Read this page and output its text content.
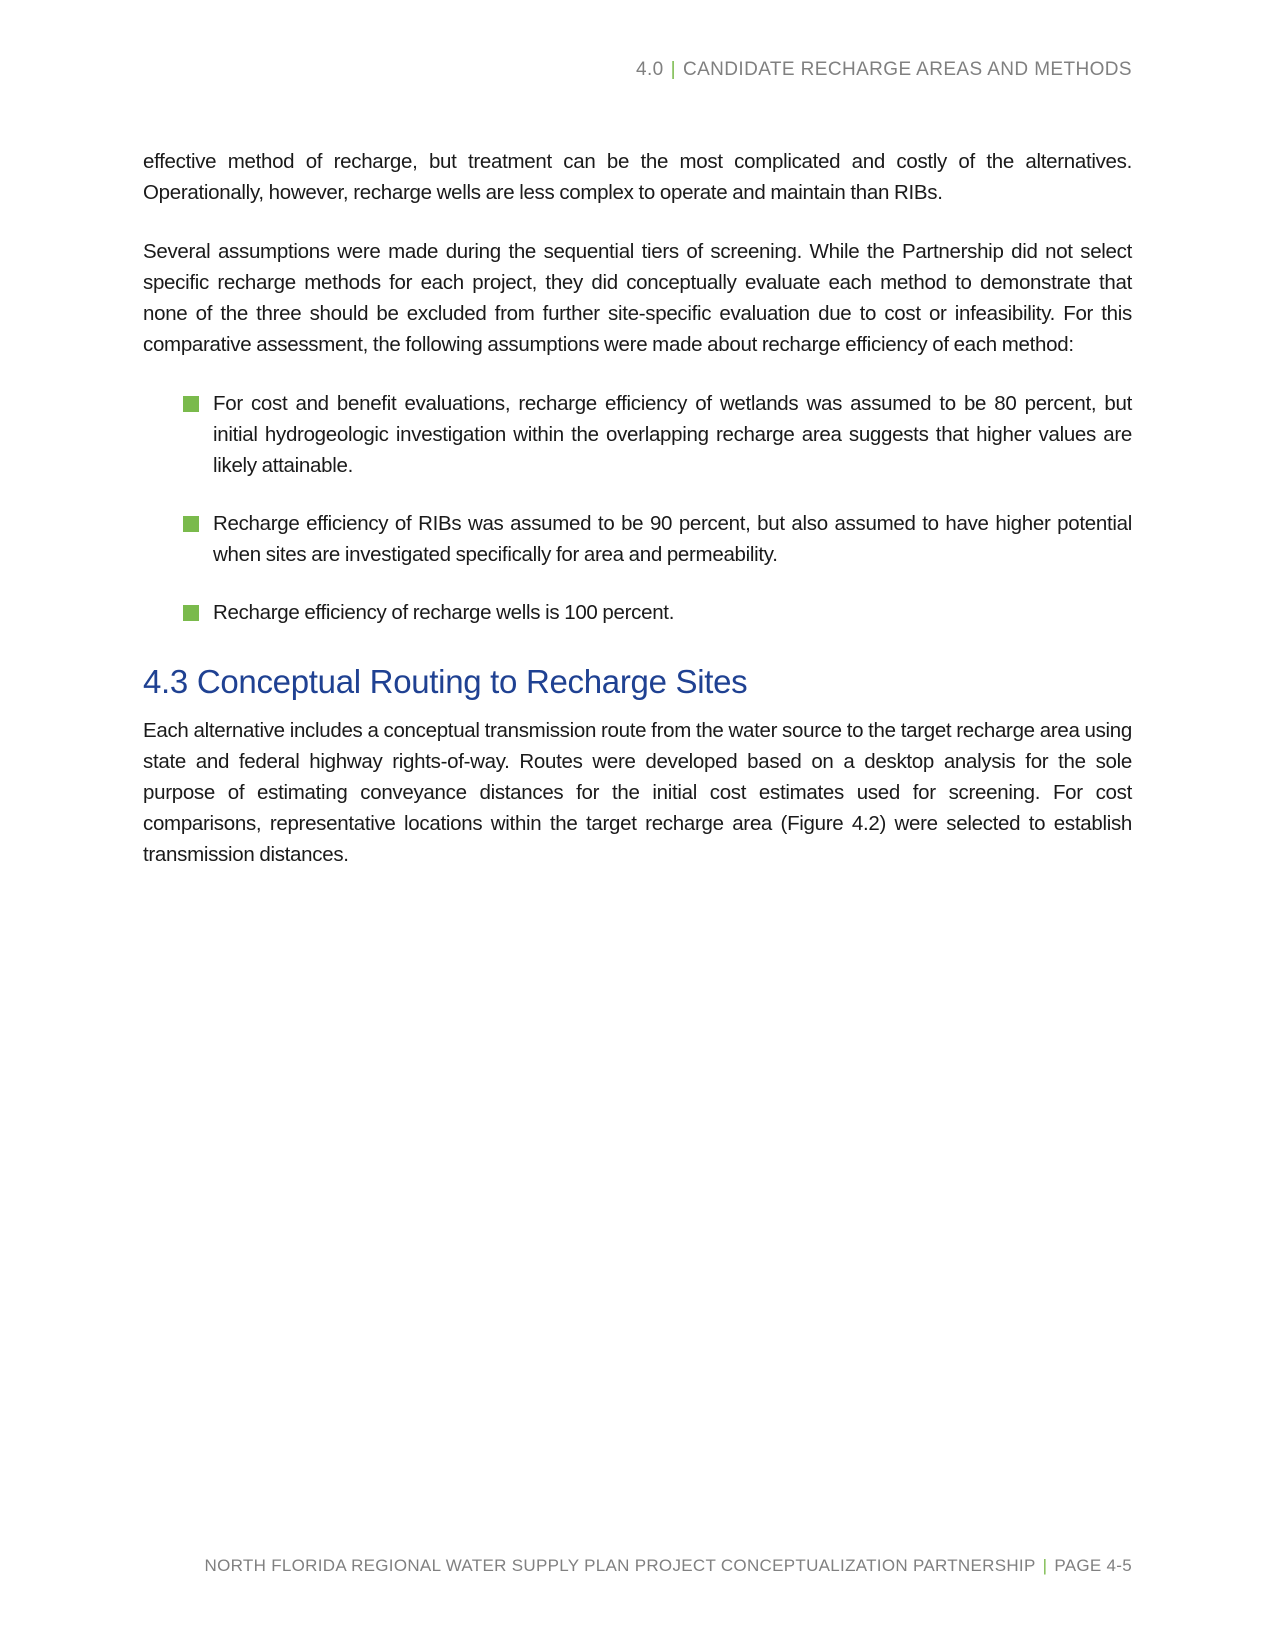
4.0 | CANDIDATE RECHARGE AREAS AND METHODS

effective method of recharge, but treatment can be the most complicated and costly of the alternatives. Operationally, however, recharge wells are less complex to operate and maintain than RIBs.

Several assumptions were made during the sequential tiers of screening. While the Partnership did not select specific recharge methods for each project, they did conceptually evaluate each method to demonstrate that none of the three should be excluded from further site-specific evaluation due to cost or infeasibility. For this comparative assessment, the following assumptions were made about recharge efficiency of each method:

For cost and benefit evaluations, recharge efficiency of wetlands was assumed to be 80 percent, but initial hydrogeologic investigation within the overlapping recharge area suggests that higher values are likely attainable.
Recharge efficiency of RIBs was assumed to be 90 percent, but also assumed to have higher potential when sites are investigated specifically for area and permeability.
Recharge efficiency of recharge wells is 100 percent.
4.3 Conceptual Routing to Recharge Sites

Each alternative includes a conceptual transmission route from the water source to the target recharge area using state and federal highway rights-of-way. Routes were developed based on a desktop analysis for the sole purpose of estimating conveyance distances for the initial cost estimates used for screening. For cost comparisons, representative locations within the target recharge area (Figure 4.2) were selected to establish transmission distances.

NORTH FLORIDA REGIONAL WATER SUPPLY PLAN PROJECT CONCEPTUALIZATION PARTNERSHIP | PAGE 4-5
